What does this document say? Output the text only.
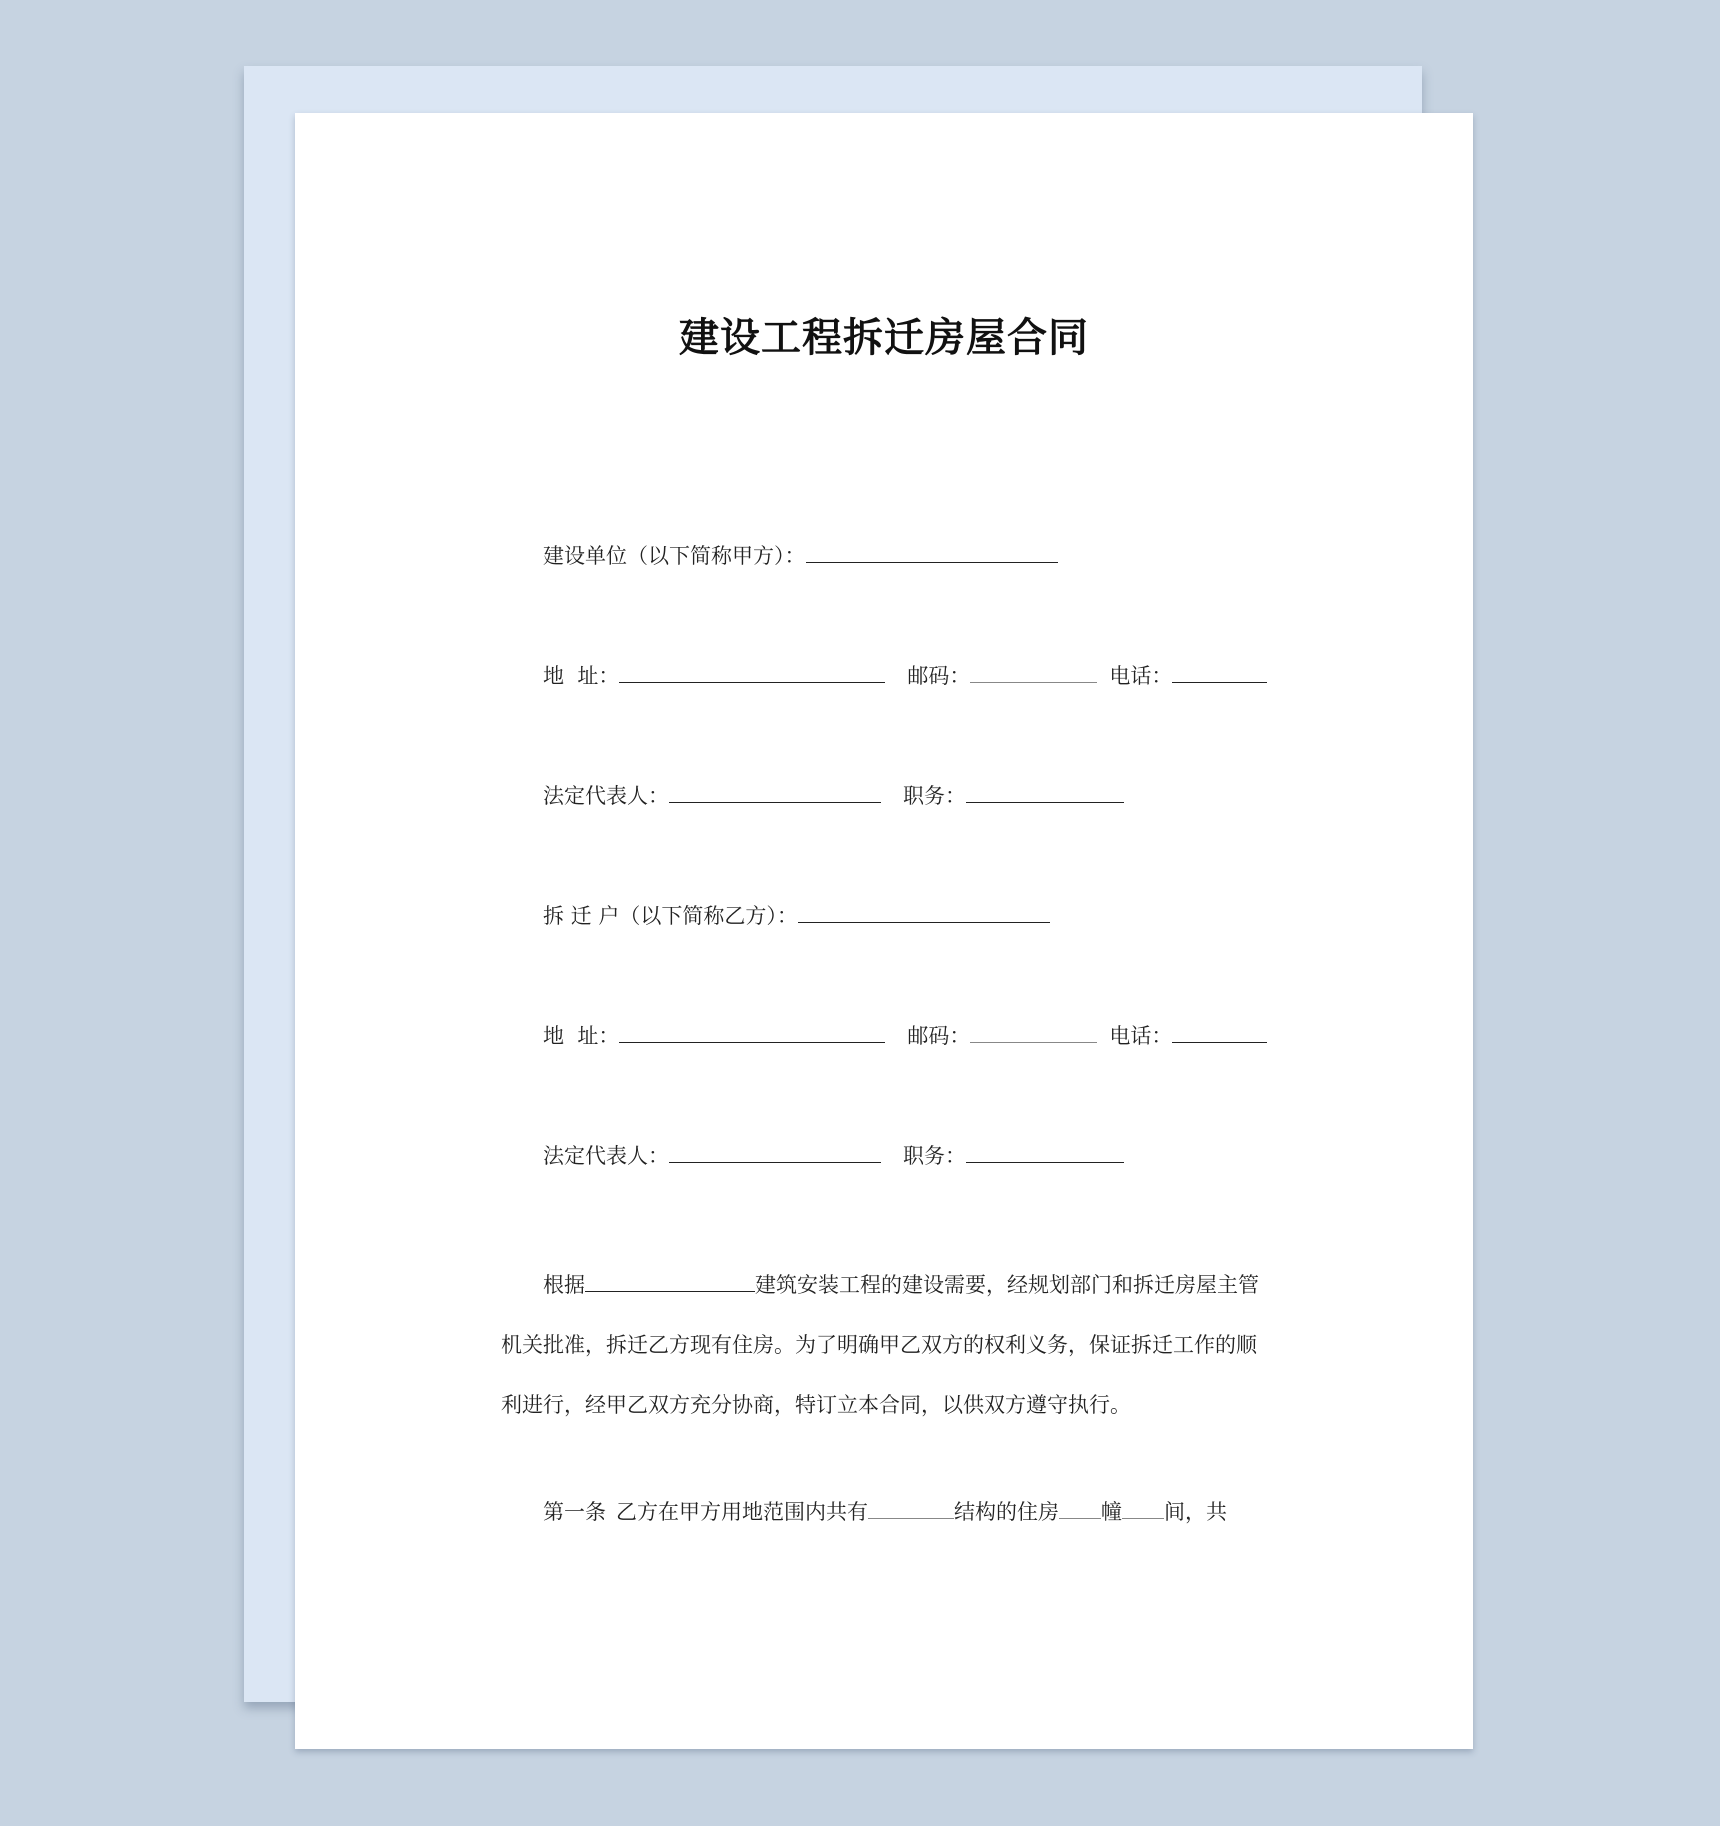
建设工程拆迁房屋合同
建设单位（以下简称甲方）：
地  址：	邮码：	电话：
法定代表人：	职务：
拆 迁 户（以下简称乙方）：
地  址：	邮码：	电话：
法定代表人：	职务：
根据	建筑安装工程的建设需要，经规划部门和拆迁房屋主管机关批准，拆迁乙方现有住房。为了明确甲乙双方的权利义务，保证拆迁工作的顺利进行，经甲乙双方充分协商，特订立本合同，以供双方遵守执行。
第一条 乙方在甲方用地范围内共有	结构的住房 幢 间，共
